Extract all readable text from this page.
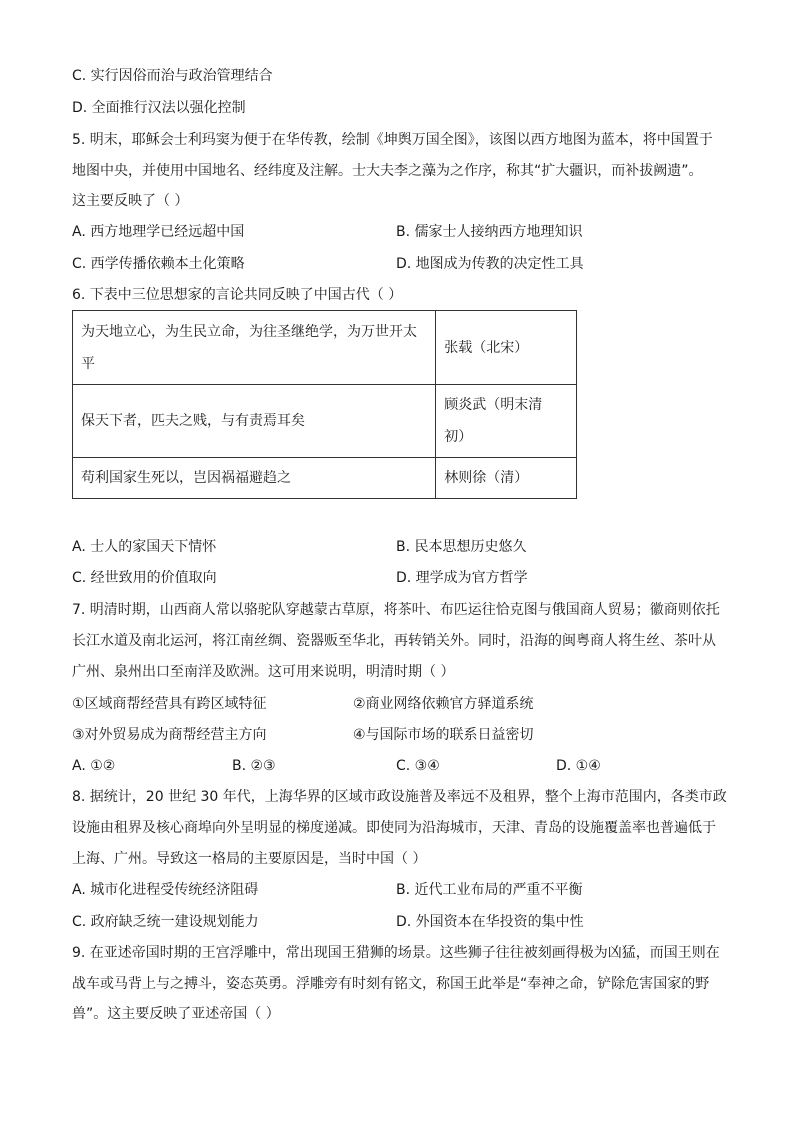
C. 实行因俗而治与政治管理结合
D. 全面推行汉法以强化控制
5. 明末，耶稣会士利玛窦为便于在华传教，绘制《坤舆万国全图》，该图以西方地图为蓝本，将中国置于
地图中央，并使用中国地名、经纬度及注解。士大夫李之藻为之作序，称其“扩大疆识，而补拔阙遗”。
这主要反映了（ ）
A. 西方地理学已经远超中国	B. 儒家士人接纳西方地理知识
C. 西学传播依赖本土化策略	D. 地图成为传教的决定性工具
6. 下表中三位思想家的言论共同反映了中国古代（ ）
为天地立心，为生民立命，为往圣继绝学，为万世开太
平	张载（北宋）

保天下者，匹夫之贱，与有责焉耳矣	顾炎武（明末清
初）

苟利国家生死以，岂因祸福避趋之	林则徐（清）
A. 士人的家国天下情怀	B. 民本思想历史悠久
C. 经世致用的价值取向	D. 理学成为官方哲学
7. 明清时期，山西商人常以骆驼队穿越蒙古草原，将茶叶、布匹运往恰克图与俄国商人贸易；徽商则依托
长江水道及南北运河，将江南丝绸、瓷器贩至华北，再转销关外。同时，沿海的闽粤商人将生丝、茶叶从
广州、泉州出口至南洋及欧洲。这可用来说明，明清时期（ ）
①区域商帮经营具有跨区域特征	②商业网络依赖官方驿道系统
③对外贸易成为商帮经营主方向	④与国际市场的联系日益密切
A. ①②	B. ②③	C. ③④	D. ①④
8. 据统计，20 世纪 30 年代，上海华界的区域市政设施普及率远不及租界，整个上海市范围内，各类市政
设施由租界及核心商埠向外呈明显的梯度递减。即使同为沿海城市，天津、青岛的设施覆盖率也普遍低于
上海、广州。导致这一格局的主要原因是，当时中国（ ）
A. 城市化进程受传统经济阻碍	B. 近代工业布局的严重不平衡
C. 政府缺乏统一建设规划能力	D. 外国资本在华投资的集中性
9. 在亚述帝国时期的王宫浮雕中，常出现国王猎狮的场景。这些狮子往往被刻画得极为凶猛，而国王则在
战车或马背上与之搏斗，姿态英勇。浮雕旁有时刻有铭文，称国王此举是“奉神之命，铲除危害国家的野
兽”。这主要反映了亚述帝国（ ）
